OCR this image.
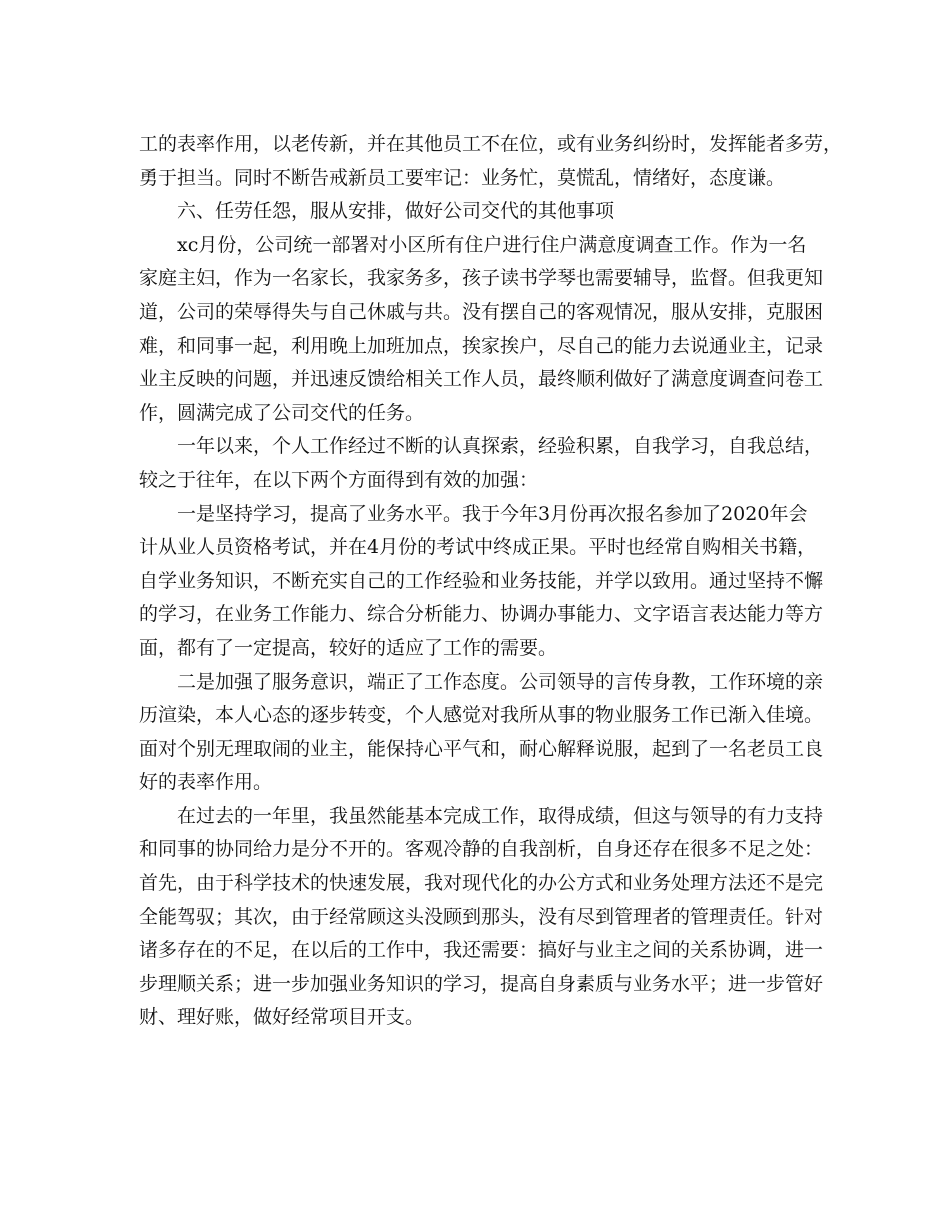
工的表率作用，以老传新，并在其他员工不在位，或有业务纠纷时，发挥能者多劳，
勇于担当。同时不断告戒新员工要牢记：业务忙，莫慌乱，情绪好，态度谦。

六、任劳任怨，服从安排，做好公司交代的其他事项

xc月份，公司统一部署对小区所有住户进行住户满意度调查工作。作为一名
家庭主妇，作为一名家长，我家务多，孩子读书学琴也需要辅导，监督。但我更知
道，公司的荣辱得失与自己休戚与共。没有摆自己的客观情况，服从安排，克服困
难，和同事一起，利用晚上加班加点，挨家挨户，尽自己的能力去说通业主，记录
业主反映的问题，并迅速反馈给相关工作人员，最终顺利做好了满意度调查问卷工
作，圆满完成了公司交代的任务。

一年以来，个人工作经过不断的认真探索，经验积累，自我学习，自我总结，
较之于往年，在以下两个方面得到有效的加强：

一是坚持学习，提高了业务水平。我于今年3月份再次报名参加了2020年会
计从业人员资格考试，并在4月份的考试中终成正果。平时也经常自购相关书籍，
自学业务知识，不断充实自己的工作经验和业务技能，并学以致用。通过坚持不懈
的学习，在业务工作能力、综合分析能力、协调办事能力、文字语言表达能力等方
面，都有了一定提高，较好的适应了工作的需要。

二是加强了服务意识，端正了工作态度。公司领导的言传身教，工作环境的亲
历渲染，本人心态的逐步转变，个人感觉对我所从事的物业服务工作已渐入佳境。
面对个别无理取闹的业主，能保持心平气和，耐心解释说服，起到了一名老员工良
好的表率作用。

在过去的一年里，我虽然能基本完成工作，取得成绩，但这与领导的有力支持
和同事的协同给力是分不开的。客观冷静的自我剖析，自身还存在很多不足之处：
首先，由于科学技术的快速发展，我对现代化的办公方式和业务处理方法还不是完
全能驾驭；其次，由于经常顾这头没顾到那头，没有尽到管理者的管理责任。针对
诸多存在的不足，在以后的工作中，我还需要：搞好与业主之间的关系协调，进一
步理顺关系；进一步加强业务知识的学习，提高自身素质与业务水平；进一步管好
财、理好账，做好经常项目开支。
